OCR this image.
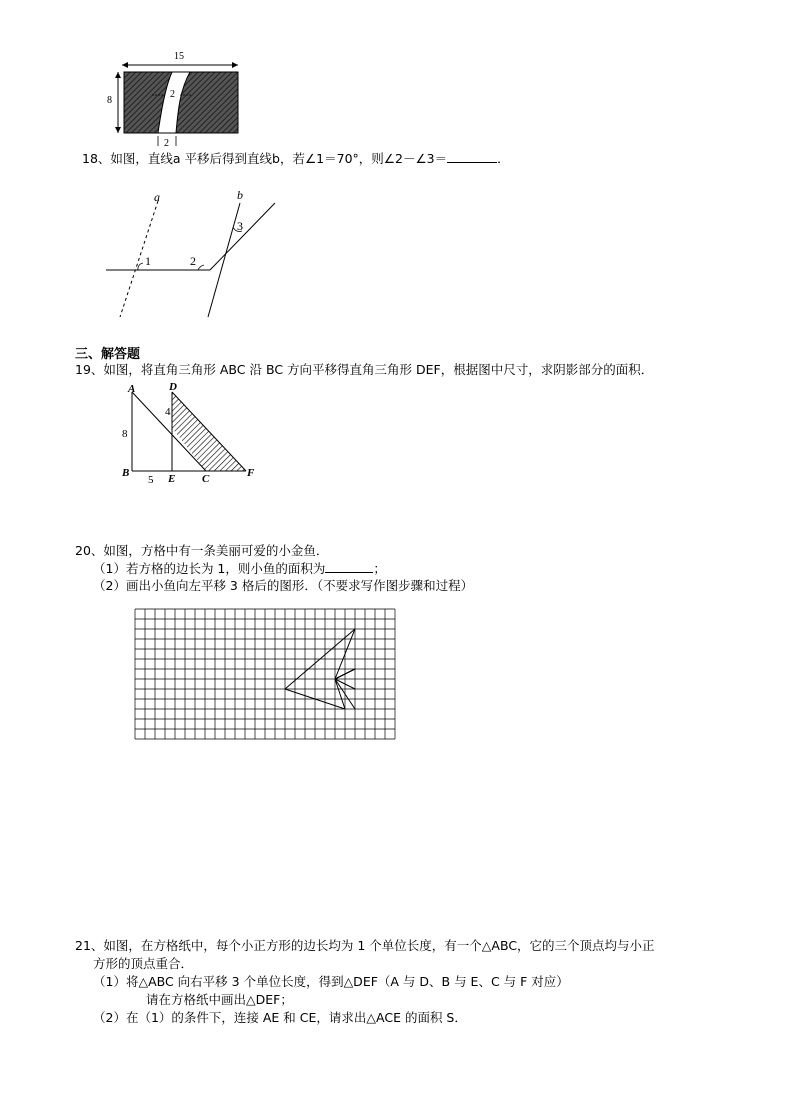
15
8
2
2
18、如图，直线a 平移后得到直线b，若∠1＝70°，则∠2－∠3＝	．
a	b
1	2
3
三、解答题
19、如图，将直角三角形 ABC 沿 BC 方向平移得直角三角形 DEF，根据图中尺寸，求阴影部分的面积．
A
B
D
E C	F
8
4
5
20、如图，方格中有一条美丽可爱的小金鱼．
（1）若方格的边长为 1，则小鱼的面积为	；
（2）画出小鱼向左平移 3 格后的图形．（不要求写作图步骤和过程）
21、如图，在方格纸中，每个小正方形的边长均为 1 个单位长度，有一个△ABC，它的三个顶点均与小正
方形的顶点重合．
（1）将△ABC 向右平移 3 个单位长度，得到△DEF（A 与 D、B 与 E、C 与 F 对应）
请在方格纸中画出△DEF；
（2）在（1）的条件下，连接 AE 和 CE，请求出△ACE 的面积 S．
